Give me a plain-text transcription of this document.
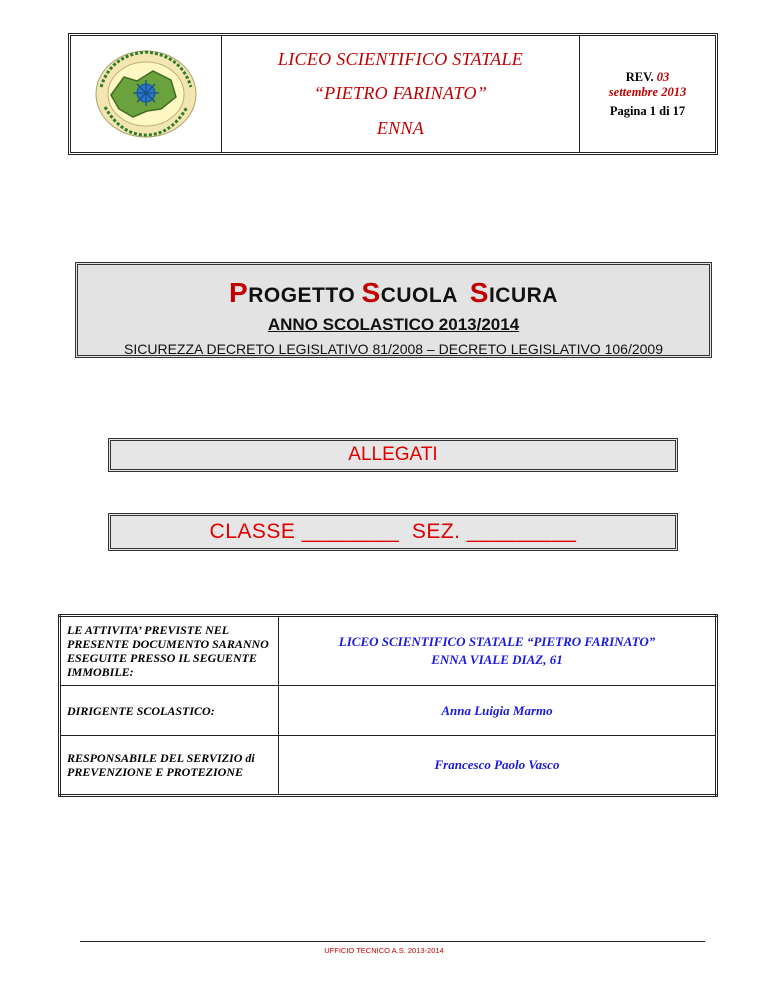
LICEO SCIENTIFICO STATALE
“PIETRO FARINATO”
ENNA
REV. 03
settembre 2013
Pagina 1 di 17
PROGETTO SCUOLA  SICURA
ANNO SCOLASTICO 2013/2014
SICUREZZA DECRETO LEGISLATIVO 81/2008 – DECRETO LEGISLATIVO 106/2009
ALLEGATI
CLASSE ________  SEZ. _________
LE ATTIVITA’ PREVISTE NEL PRESENTE DOCUMENTO SARANNO ESEGUITE PRESSO IL SEGUENTE IMMOBILE:	LICEO SCIENTIFICO STATALE “PIETRO FARINATO”
ENNA VIALE DIAZ, 61

DIRIGENTE SCOLASTICO:	Anna Luigia Marmo
RESPONSABILE DEL SERVIZIO di PREVENZIONE E PROTEZIONE	Francesco Paolo Vasco
UFFICIO TECNICO A.S. 2013-2014
